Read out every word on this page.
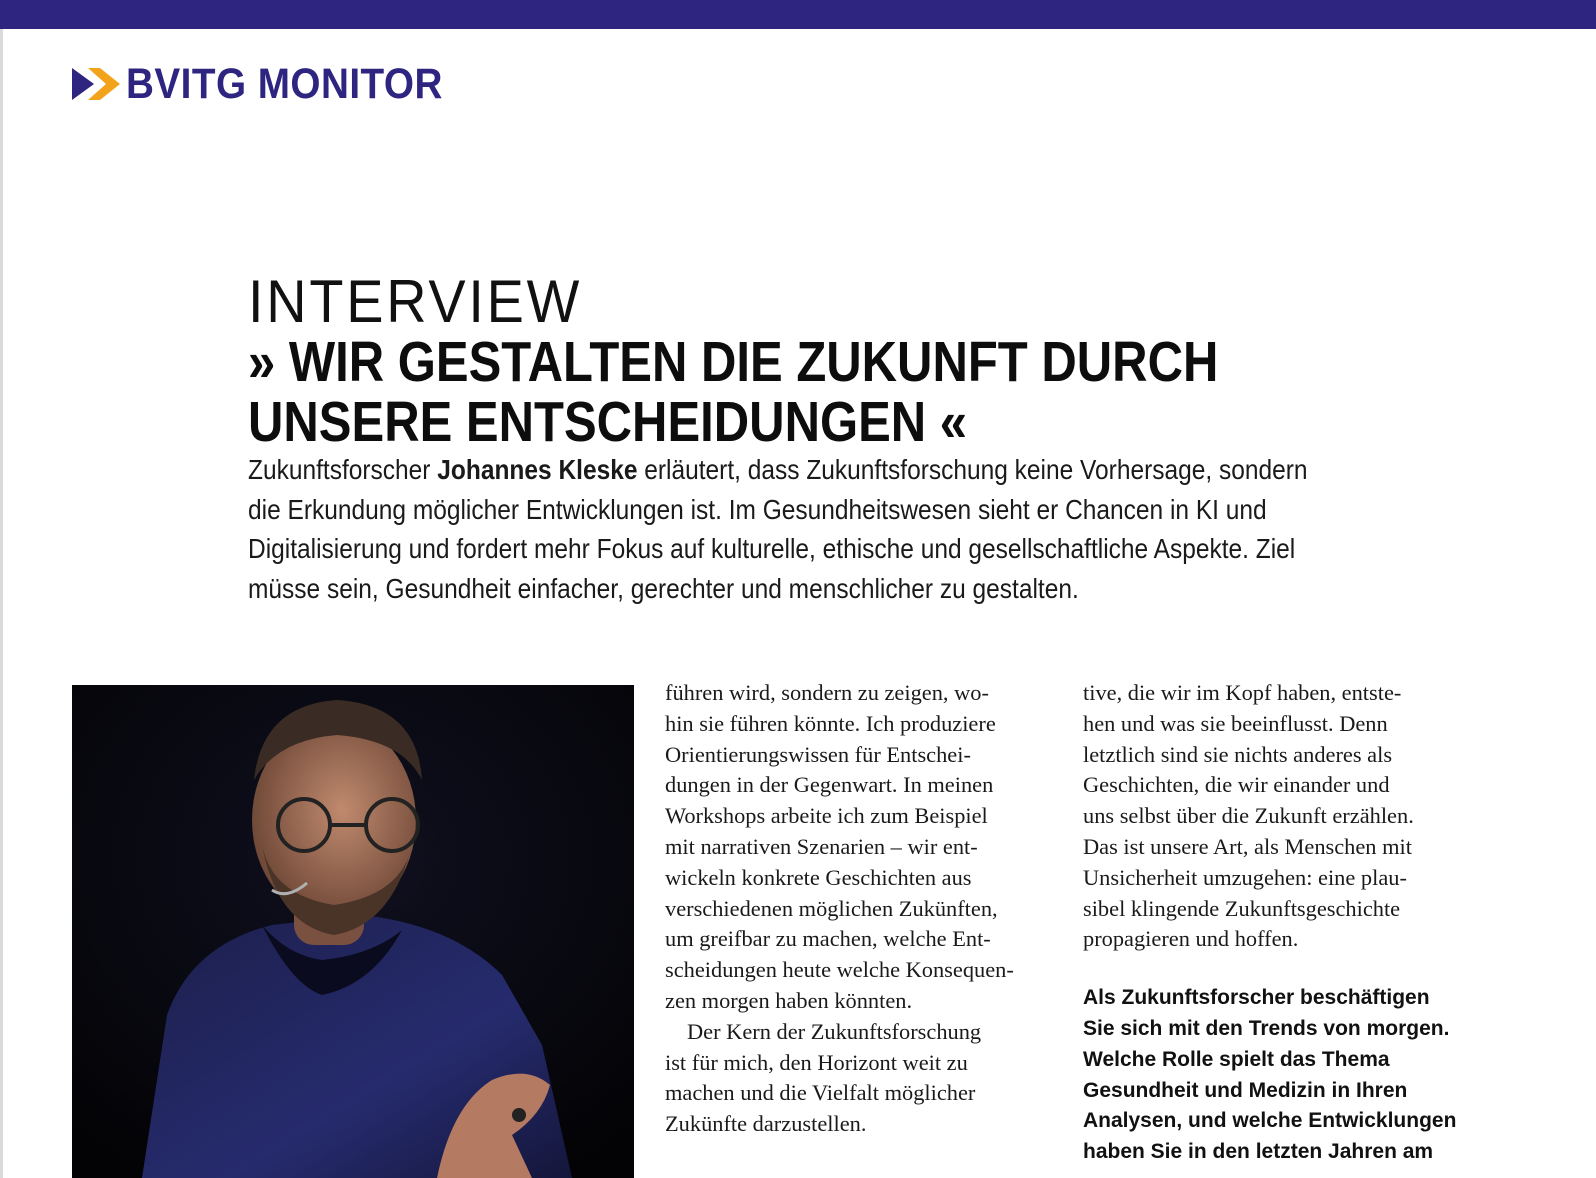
BVITG MONITOR
INTERVIEW
» WIR GESTALTEN DIE ZUKUNFT DURCH
UNSERE ENTSCHEIDUNGEN «

Zukunftsforscher Johannes Kleske erläutert, dass Zukunftsforschung keine Vorhersage, sondern
die Erkundung möglicher Entwicklungen ist. Im Gesundheitswesen sieht er Chancen in KI und
Digitalisierung und fordert mehr Fokus auf kulturelle, ethische und gesellschaftliche Aspekte. Ziel
müsse sein, Gesundheit einfacher, gerechter und menschlicher zu gestalten.

führen wird, sondern zu zeigen, wo-
hin sie führen könnte. Ich produziere
Orientierungswissen für Entschei-
dungen in der Gegenwart. In meinen
Workshops arbeite ich zum Beispiel
mit narrativen Szenarien – wir ent-
wickeln konkrete Geschichten aus
verschiedenen möglichen Zukünften,
um greifbar zu machen, welche Ent-
scheidungen heute welche Konsequen-
zen morgen haben könnten.
Der Kern der Zukunftsforschung
ist für mich, den Horizont weit zu
machen und die Vielfalt möglicher
Zukünfte darzustellen.
tive, die wir im Kopf haben, entste-
hen und was sie beeinflusst. Denn
letztlich sind sie nichts anderes als
Geschichten, die wir einander und
uns selbst über die Zukunft erzählen.
Das ist unsere Art, als Menschen mit
Unsicherheit umzugehen: eine plau-
sibel klingende Zukunftsgeschichte
propagieren und hoffen.
Als Zukunftsforscher beschäftigen
Sie sich mit den Trends von morgen.
Welche Rolle spielt das Thema
Gesundheit und Medizin in Ihren
Analysen, und welche Entwicklungen
haben Sie in den letzten Jahren am
